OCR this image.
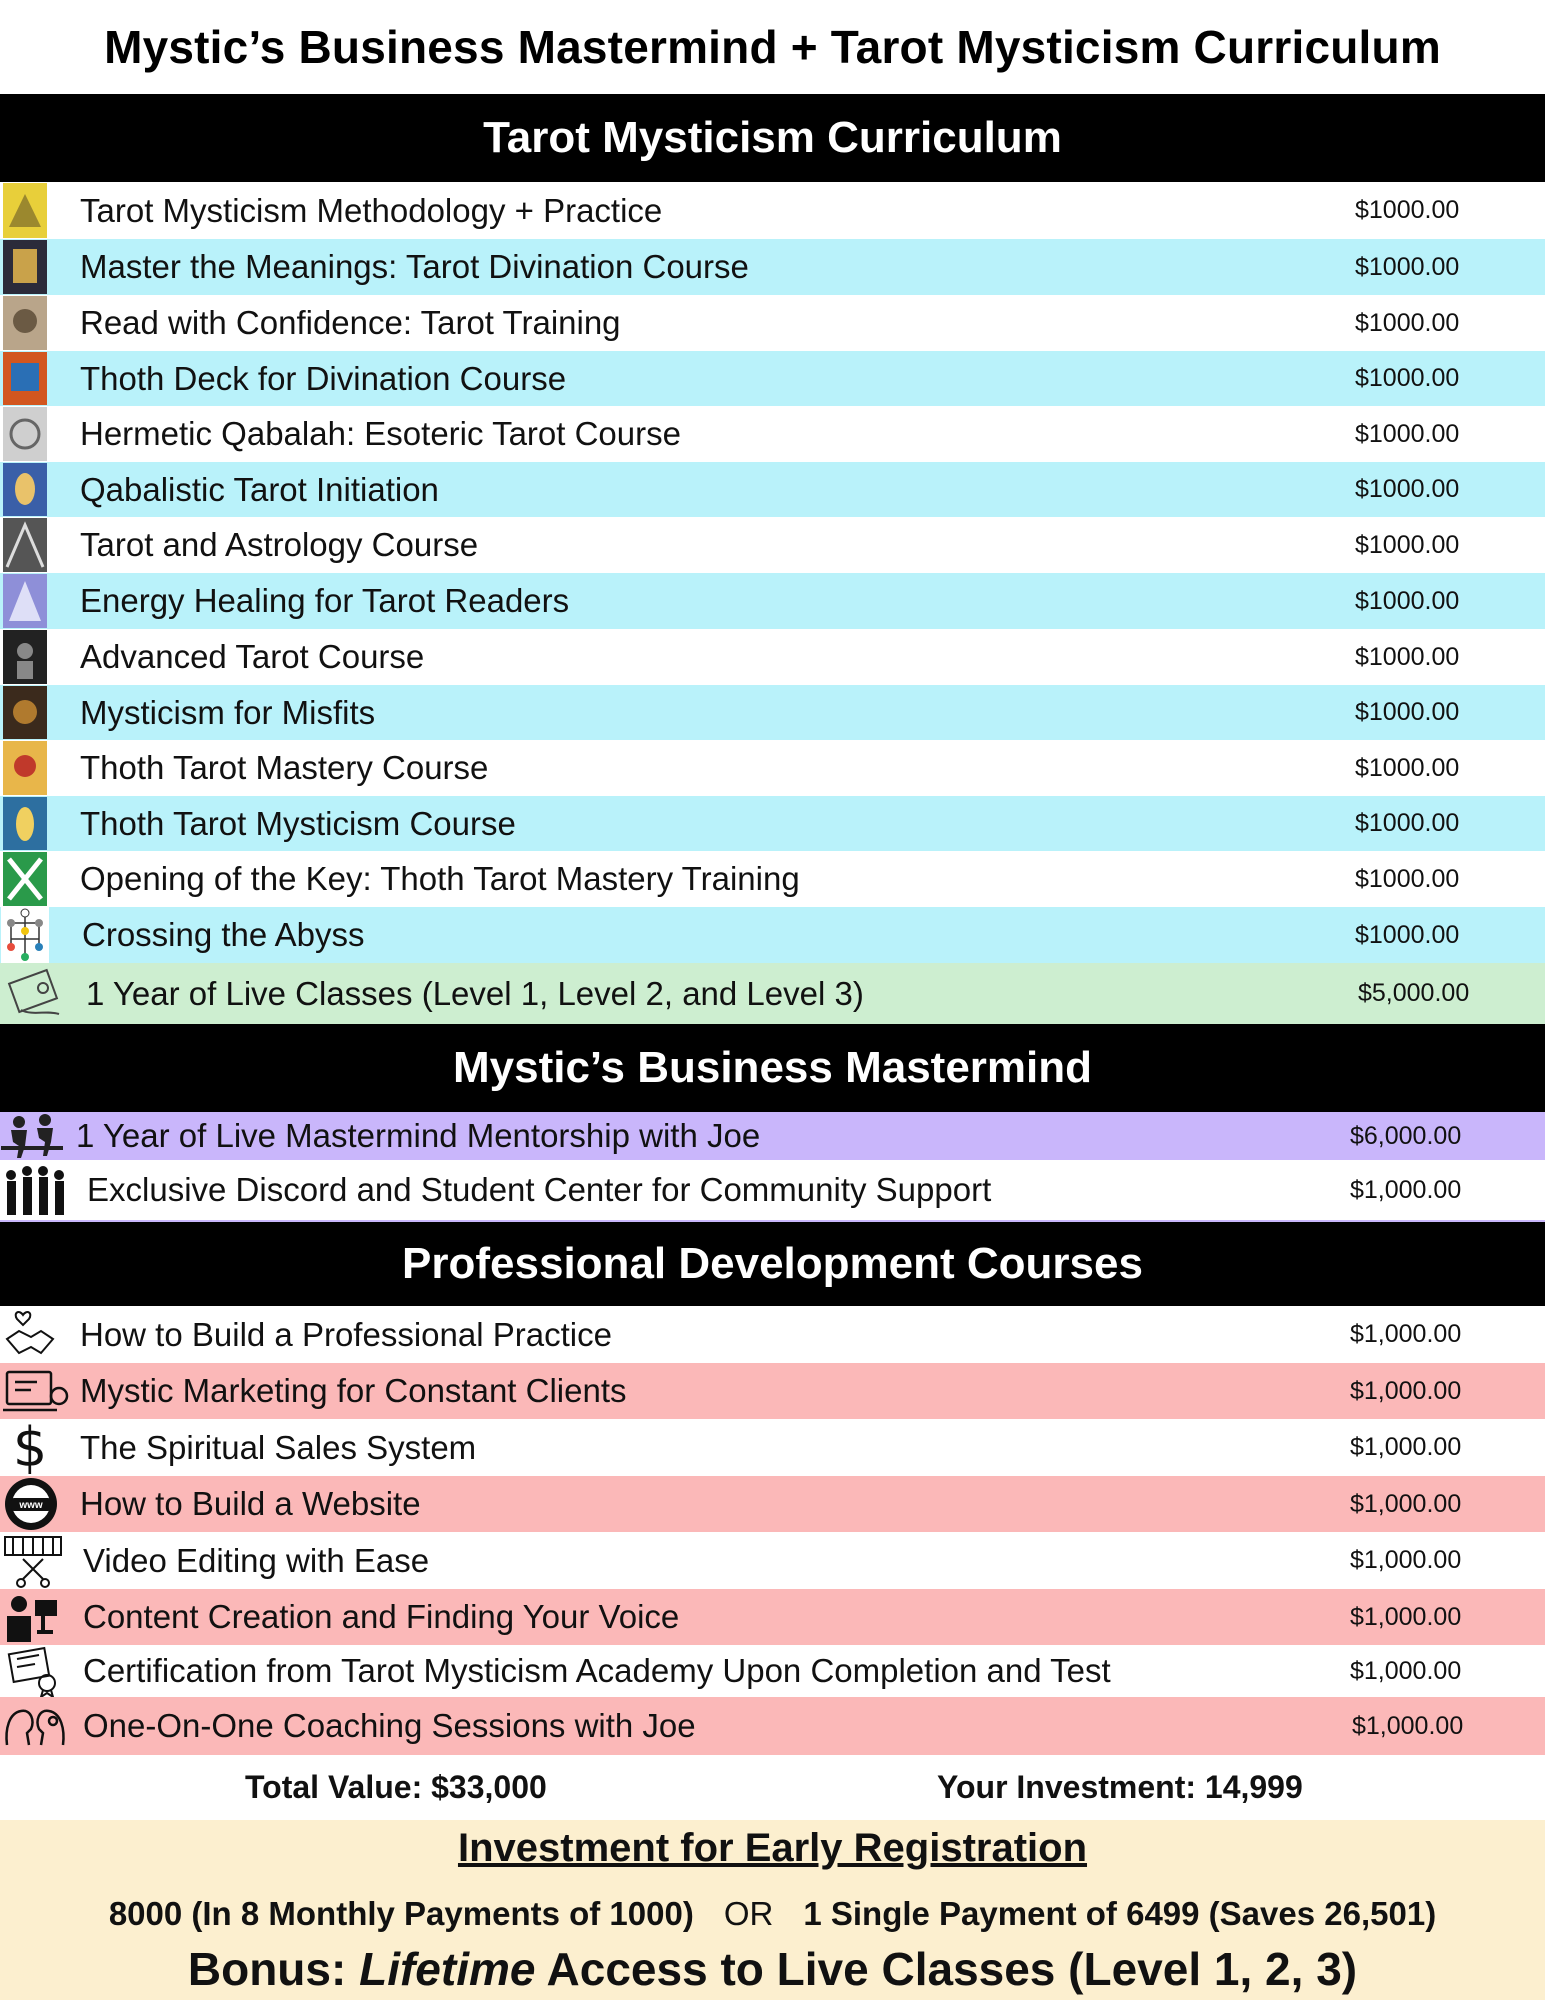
Mystic’s Business Mastermind + Tarot Mysticism Curriculum
Tarot Mysticism Curriculum
Mystic’s Business Mastermind
Professional Development Courses
Tarot Mysticism Methodology + Practice	$1000.00
Master the Meanings: Tarot Divination Course	$1000.00
Read with Confidence: Tarot Training	$1000.00
Thoth Deck for Divination Course	$1000.00
Hermetic Qabalah: Esoteric Tarot Course	$1000.00
Qabalistic Tarot Initiation	$1000.00
Tarot and Astrology Course	$1000.00
Energy Healing for Tarot Readers	$1000.00
Advanced Tarot Course	$1000.00
Mysticism for Misfits	$1000.00
Thoth Tarot Mastery Course	$1000.00
Thoth Tarot Mysticism Course	$1000.00
Opening of the Key: Thoth Tarot Mastery Training	$1000.00
Crossing the Abyss	$1000.00
1 Year of Live Classes (Level 1, Level 2, and Level 3)	$5,000.00
1 Year of Live Mastermind Mentorship with Joe	$6,000.00
Exclusive Discord and Student Center for Community Support	$1,000.00
How to Build a Professional Practice	$1,000.00
Mystic Marketing for Constant Clients	$1,000.00
$ The Spiritual Sales System	$1,000.00
www How to Build a Website	$1,000.00
Video Editing with Ease	$1,000.00
Content Creation and Finding Your Voice	$1,000.00
Certification from Tarot Mysticism Academy Upon Completion and Test	$1,000.00
One-On-One Coaching Sessions with Joe	$1,000.00
Total Value: $33,000	Your Investment: 14,999
Investment for Early Registration
8000 (In 8 Monthly Payments of 1000) OR 1 Single Payment of 6499 (Saves 26,501)
Bonus: Lifetime Access to Live Classes (Level 1, 2, 3)
